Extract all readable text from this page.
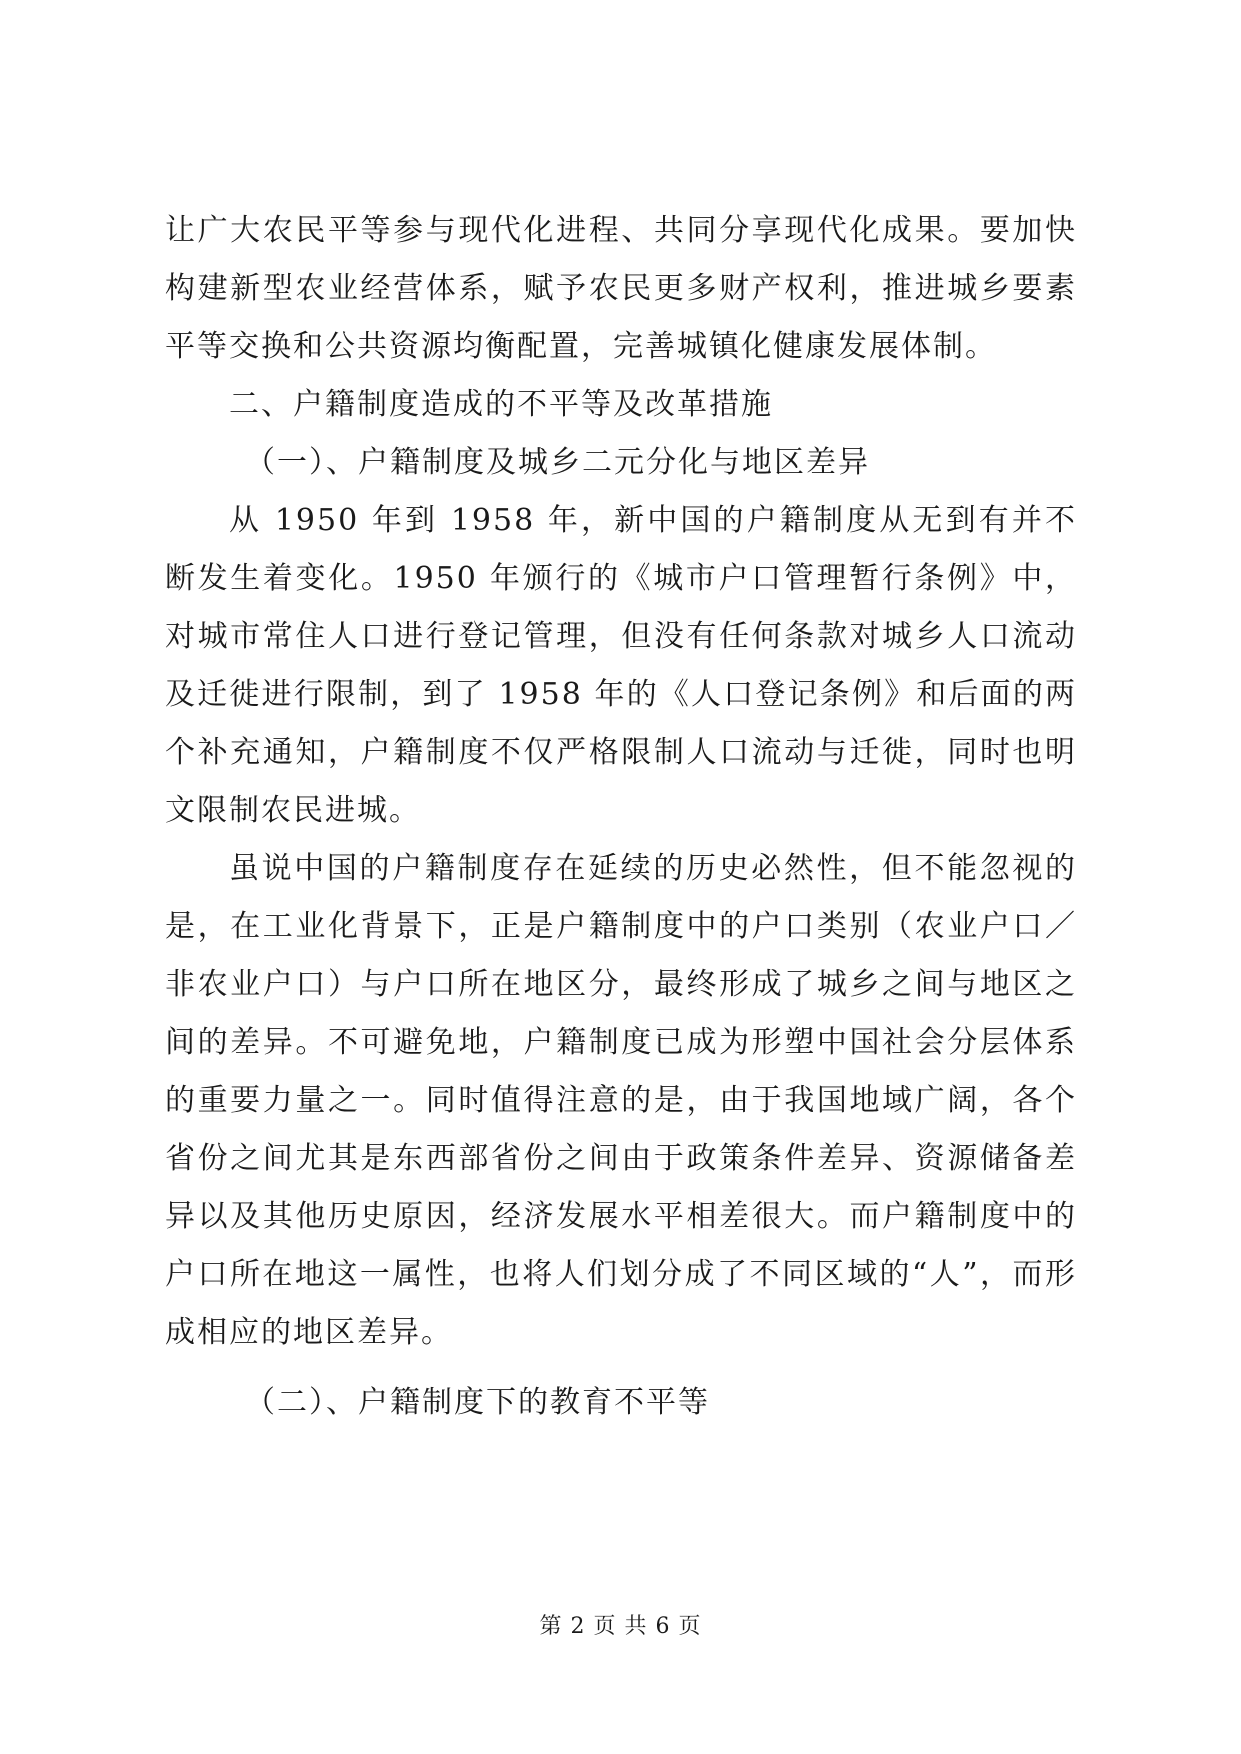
让广大农民平等参与现代化进程、共同分享现代化成果。要加快构建新型农业经营体系，赋予农民更多财产权利，推进城乡要素平等交换和公共资源均衡配置，完善城镇化健康发展体制。

二、户籍制度造成的不平等及改革措施

（一）、户籍制度及城乡二元分化与地区差异

从 1950 年到 1958 年，新中国的户籍制度从无到有并不断发生着变化。1950 年颁行的《城市户口管理暂行条例》中，对城市常住人口进行登记管理，但没有任何条款对城乡人口流动及迁徙进行限制，到了 1958 年的《人口登记条例》和后面的两个补充通知，户籍制度不仅严格限制人口流动与迁徙，同时也明文限制农民进城。

虽说中国的户籍制度存在延续的历史必然性，但不能忽视的是，在工业化背景下，正是户籍制度中的户口类别（农业户口／非农业户口）与户口所在地区分，最终形成了城乡之间与地区之间的差异。不可避免地，户籍制度已成为形塑中国社会分层体系的重要力量之一。同时值得注意的是，由于我国地域广阔，各个省份之间尤其是东西部省份之间由于政策条件差异、资源储备差异以及其他历史原因，经济发展水平相差很大。而户籍制度中的户口所在地这一属性，也将人们划分成了不同区域的“人”，而形成相应的地区差异。

（二）、户籍制度下的教育不平等

第 2 页 共 6 页
